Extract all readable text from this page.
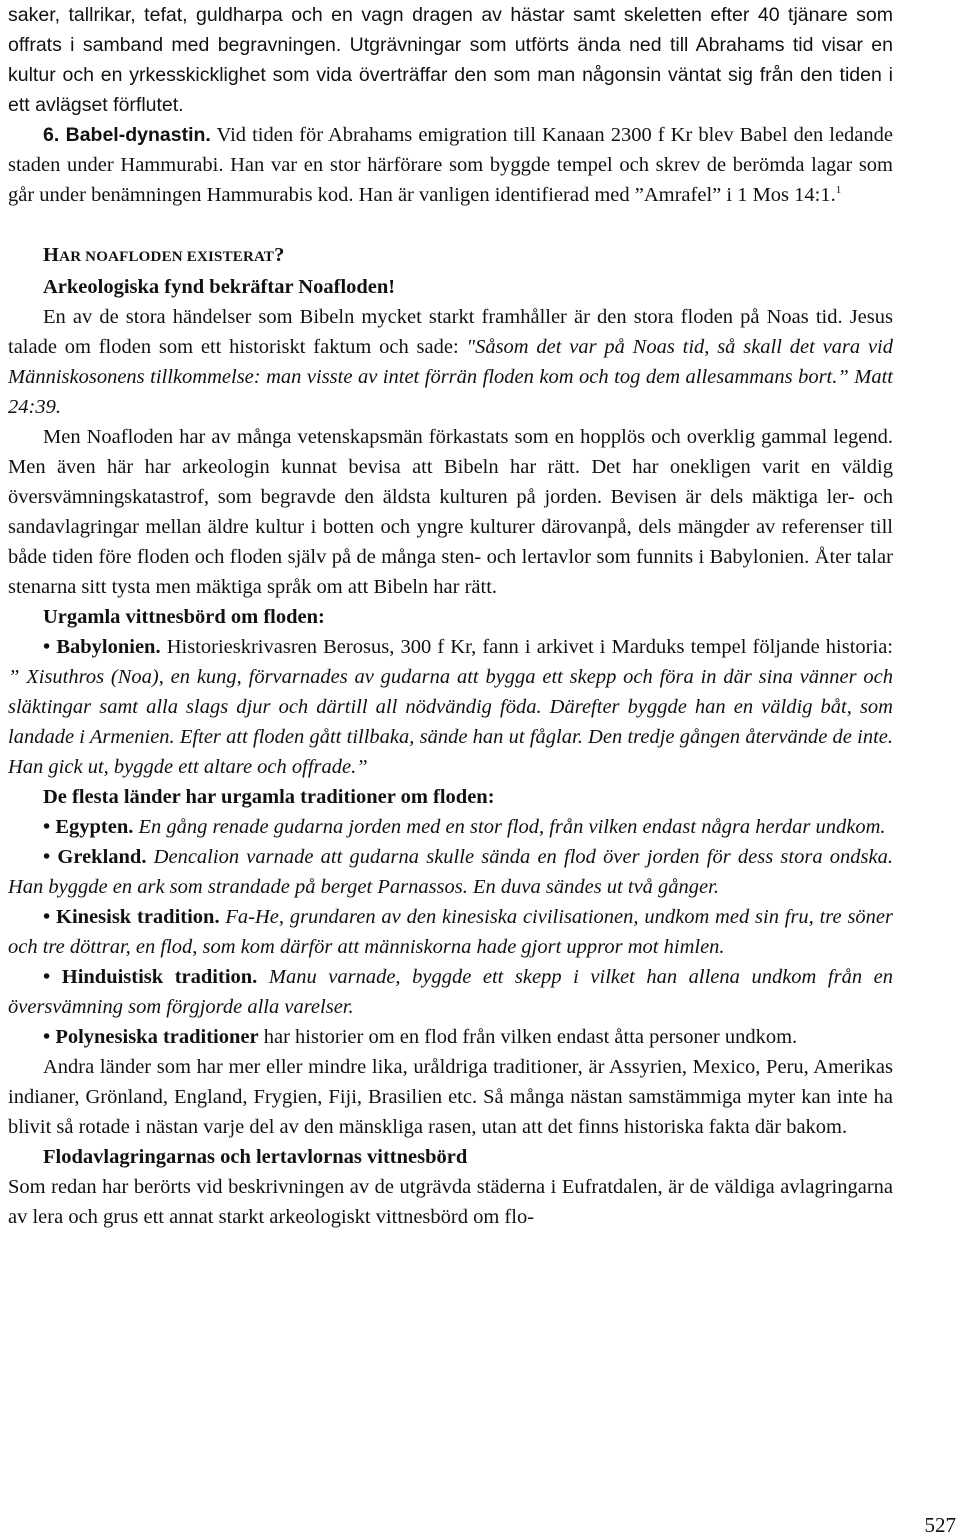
saker, tallrikar, tefat, guldharpa och en vagn dragen av hästar samt skeletten efter 40 tjänare som offrats i samband med begravningen. Utgrävningar som utförts ända ned till Abrahams tid visar en kultur och en yrkesskicklighet som vida överträffar den som man någonsin väntat sig från den tiden i ett avlägset förflutet.

6. Babel-dynastin. Vid tiden för Abrahams emigration till Kanaan 2300 f Kr blev Babel den ledande staden under Hammurabi. Han var en stor härförare som byggde tempel och skrev de berömda lagar som går under benämningen Hammurabis kod. Han är vanligen identifierad med ”Amrafel” i 1 Mos 14:1.$^1$

HAR NOAFLODEN EXISTERAT?

Arkeologiska fynd bekräftar Noafloden!

En av de stora händelser som Bibeln mycket starkt framhåller är den stora floden på Noas tid. Jesus talade om floden som ett historiskt faktum och sade: "Såsom det var på Noas tid, så skall det vara vid Människosonens tillkommelse: man visste av intet förrän floden kom och tog dem allesammans bort.” Matt 24:39.

Men Noafloden har av många vetenskapsmän förkastats som en hopplös och overklig gammal legend. Men även här har arkeologin kunnat bevisa att Bibeln har rätt. Det har onekligen varit en väldig översvämningskatastrof, som begravde den äldsta kulturen på jorden. Bevisen är dels mäktiga ler- och sandavlagringar mellan äldre kultur i botten och yngre kulturer därovanpå, dels mängder av referenser till både tiden före floden och floden själv på de många sten- och lertavlor som funnits i Babylonien. Åter talar stenarna sitt tysta men mäktiga språk om att Bibeln har rätt.

Urgamla vittnesbörd om floden:

• Babylonien. Historieskrivasren Berosus, 300 f Kr, fann i arkivet i Marduks tempel följande historia: ” Xisuthros (Noa), en kung, förvarnades av gudarna att bygga ett skepp och föra in där sina vänner och släktingar samt alla slags djur och därtill all nödvändig föda. Därefter byggde han en väldig båt, som landade i Armenien. Efter att floden gått tillbaka, sände han ut fåglar. Den tredje gången återvände de inte. Han gick ut, byggde ett altare och offrade.”

De flesta länder har urgamla traditioner om floden:

• Egypten. En gång renade gudarna jorden med en stor flod, från vilken endast några herdar undkom.

• Grekland. Dencalion varnade att gudarna skulle sända en flod över jorden för dess stora ondska. Han byggde en ark som strandade på berget Parnassos. En duva sändes ut två gånger.

• Kinesisk tradition. Fa-He, grundaren av den kinesiska civilisationen, undkom med sin fru, tre söner och tre döttrar, en flod, som kom därför att människorna hade gjort uppror mot himlen.

• Hinduistisk tradition. Manu varnade, byggde ett skepp i vilket han allena undkom från en översvämning som förgjorde alla varelser.

• Polynesiska traditioner har historier om en flod från vilken endast åtta personer undkom.

Andra länder som har mer eller mindre lika, uråldriga traditioner, är Assyrien, Mexico, Peru, Amerikas indianer, Grönland, England, Frygien, Fiji, Brasilien etc. Så många nästan samstämmiga myter kan inte ha blivit så rotade i nästan varje del av den mänskliga rasen, utan att det finns historiska fakta där bakom.

Flodavlagringarnas och lertavlornas vittnesbörd

Som redan har berörts vid beskrivningen av de utgrävda städerna i Eufratdalen, är de väldiga avlagringarna av lera och grus ett annat starkt arkeologiskt vittnesbörd om flo-

527
